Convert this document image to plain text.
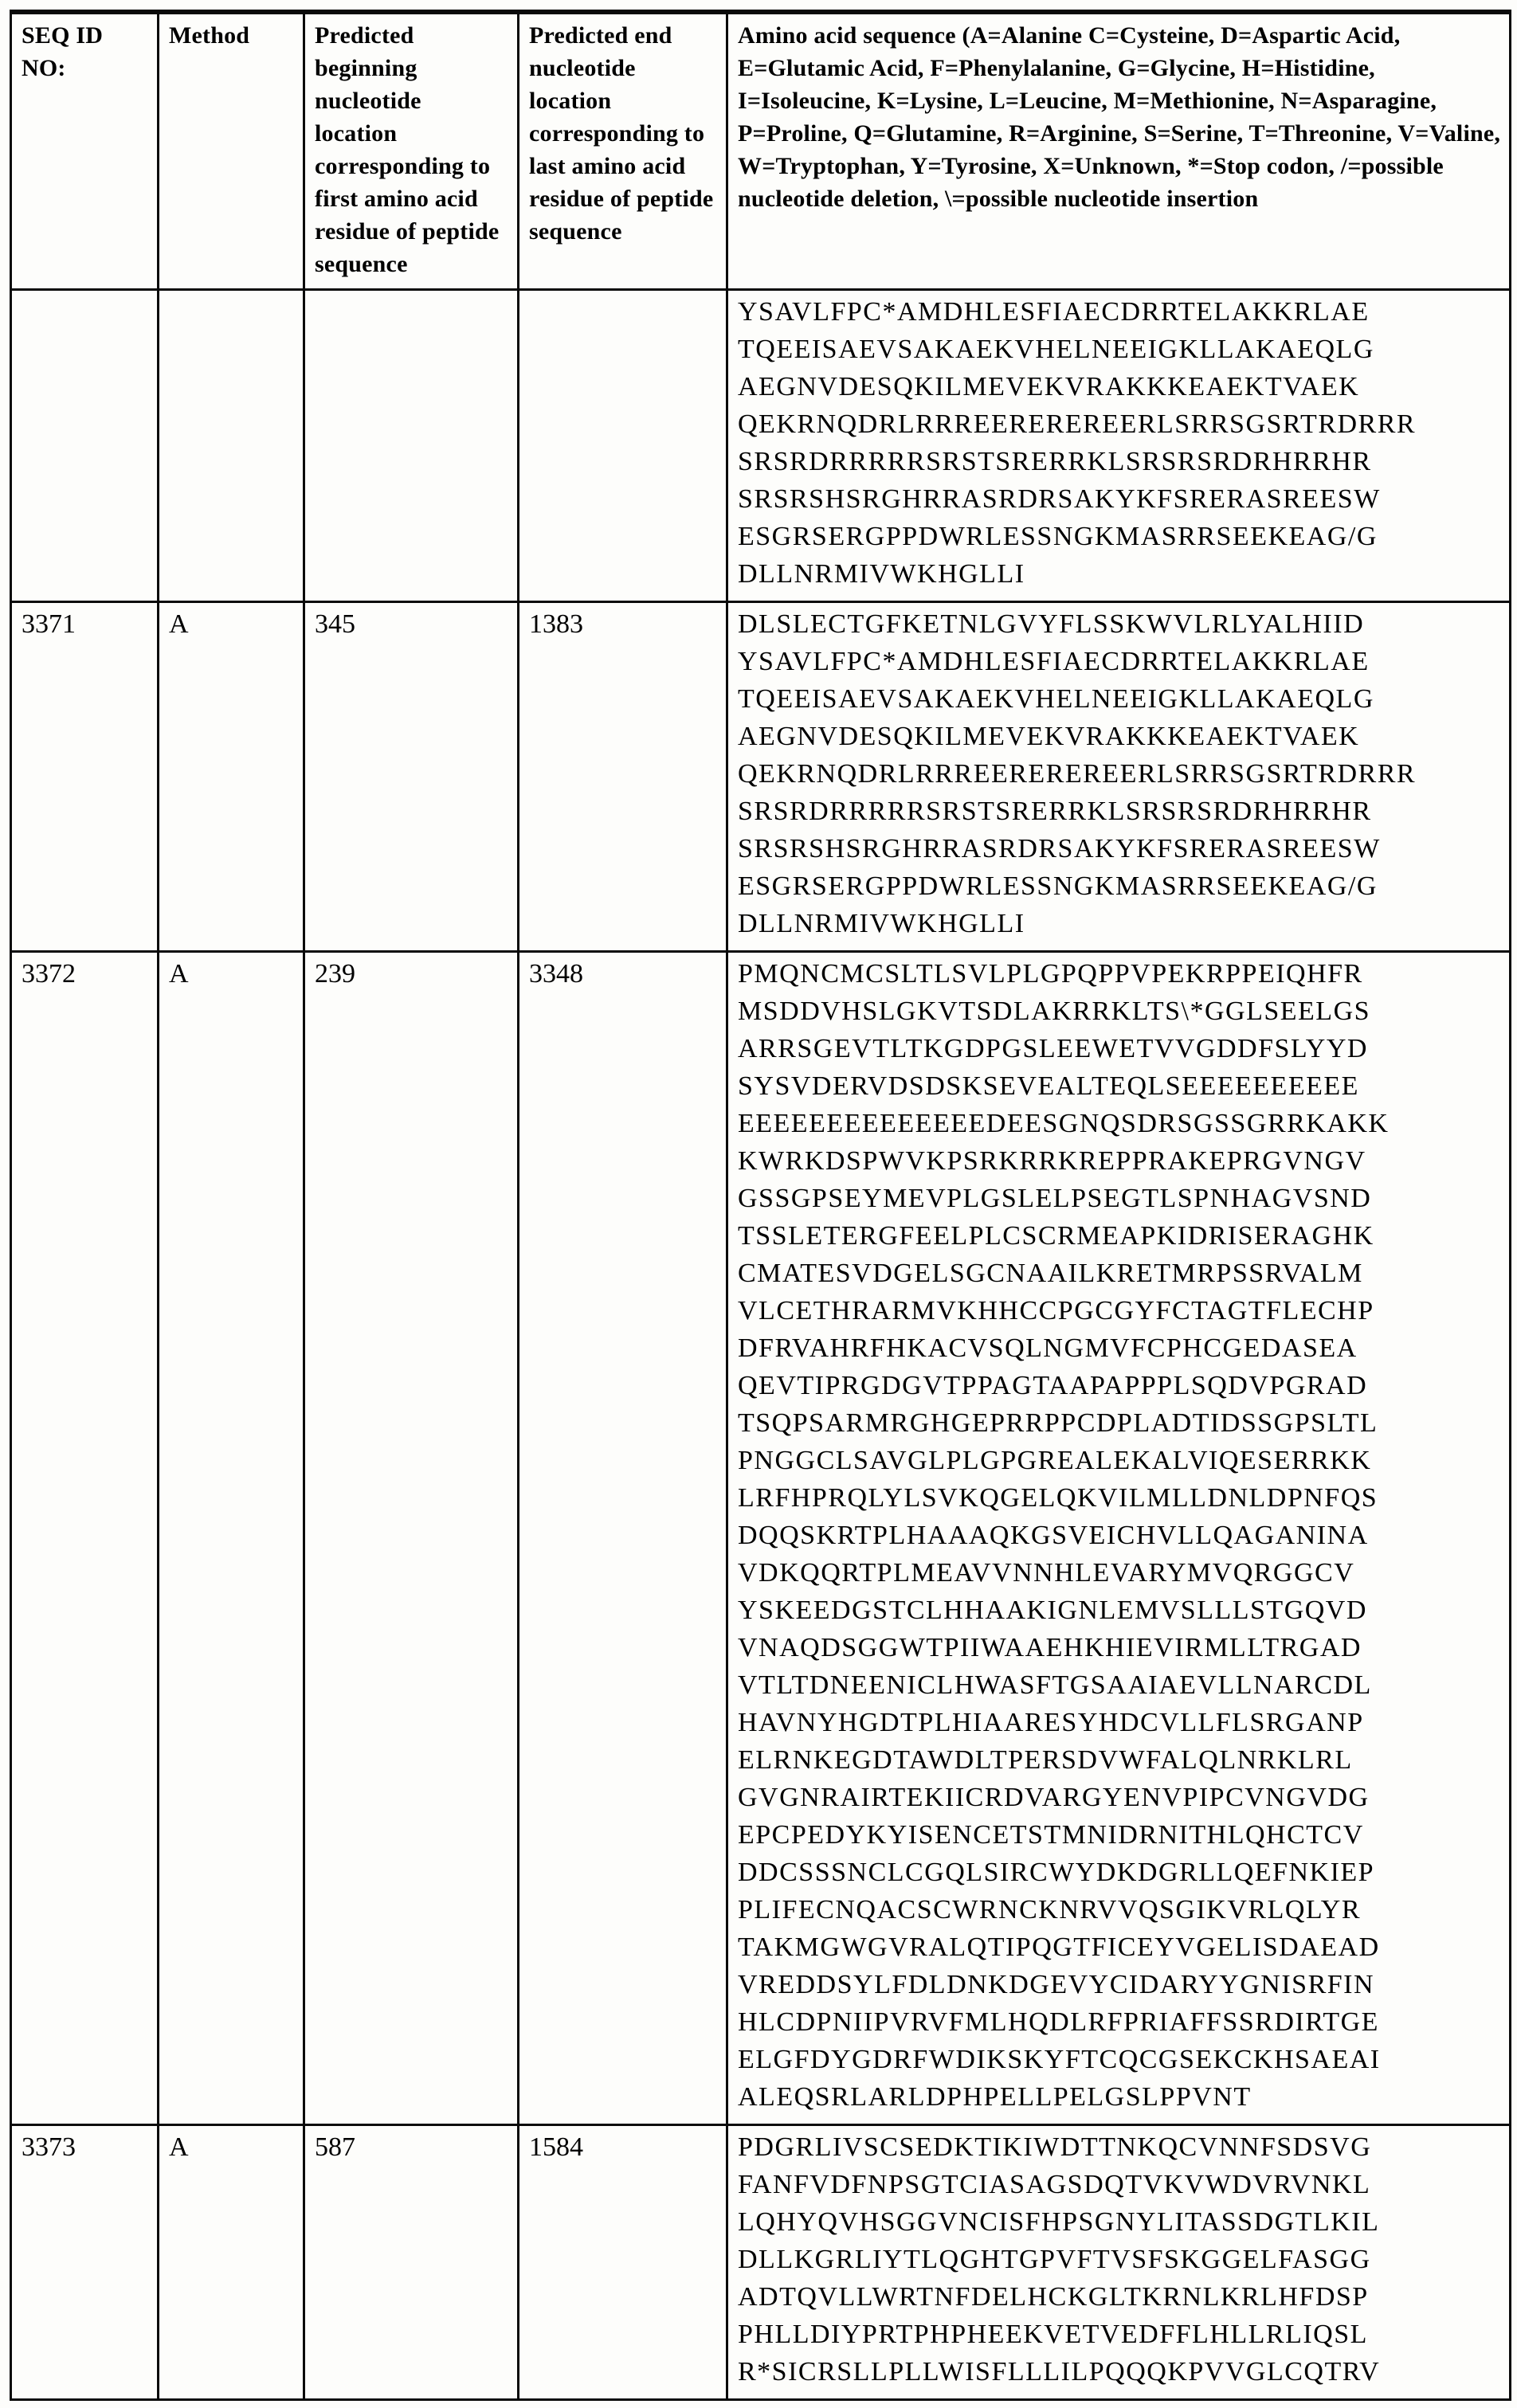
SEQ ID NO:	Method	Predicted beginning nucleotide location corresponding to first amino acid residue of peptide sequence	Predicted end nucleotide location corresponding to last amino acid residue of peptide sequence	Amino acid sequence (A=Alanine C=Cysteine, D=Aspartic Acid, E=Glutamic Acid, F=Phenylalanine, G=Glycine, H=Histidine, I=Isoleucine, K=Lysine, L=Leucine, M=Methionine, N=Asparagine, P=Proline, Q=Glutamine, R=Arginine, S=Serine, T=Threonine, V=Valine, W=Tryptophan, Y=Tyrosine, X=Unknown, *=Stop codon, /=possible nucleotide deletion, \=possible nucleotide insertion
				YSAVLFPC*AMDHLESFIAECDRRTELAKKRLAE
TQEEISAEVSAKAEKVHELNEEIGKLLAKAEQLG
AEGNVDESQKILMEVEKVRAKKKEAEKTVAEK
QEKRNQDRLRRREEREREREERLSRRSGSRTRDRRR
SRSRDRRRRRSRSTSRERRKLSRSRSRDRHRRHR
SRSRSHSRGHRRASRDRSAKYKFSRERASREESW
ESGRSERGPPDWRLESSNGKMASRRSEEKEAG/G
DLLNRMIVWKHGLLI
3371	A	345	1383	DLSLECTGFKETNLGVYFLSSKWVLRLYALHIID
YSAVLFPC*AMDHLESFIAECDRRTELAKKRLAE
TQEEISAEVSAKAEKVHELNEEIGKLLAKAEQLG
AEGNVDESQKILMEVEKVRAKKKEAEKTVAEK
QEKRNQDRLRRREEREREREERLSRRSGSRTRDRRR
SRSRDRRRRRSRSTSRERRKLSRSRSRDRHRRHR
SRSRSHSRGHRRASRDRSAKYKFSRERASREESW
ESGRSERGPPDWRLESSNGKMASRRSEEKEAG/G
DLLNRMIVWKHGLLI
3372	A	239	3348	PMQNCMCSLTLSVLPLGPQPPVPEKRPPEIQHFR
MSDDVHSLGKVTSDLAKRRKLTS\*GGLSEELGS
ARRSGEVTLTKGDPGSLEEWETVVGDDFSLYYD
SYSVDERVDSDSKSEVEALTEQLSEEEEEEEEEE
EEEEEEEEEEEEEEDEESGNQSDRSGSSGRRKAKK
KWRKDSPWVKPSRKRRKREPPRAKEPRGVNGV
GSSGPSEYMEVPLGSLELPSEGTLSPNHAGVSND
TSSLETERGFEELPLCSCRMEAPKIDRISERAGHK
CMATESVDGELSGCNAAILKRETMRPSSRVALM
VLCETHRARMVKHHCCPGCGYFCTAGTFLECHP
DFRVAHRFHKACVSQLNGMVFCPHCGEDASEA
QEVTIPRGDGVTPPAGTAAPAPPPLSQDVPGRAD
TSQPSARMRGHGEPRRPPCDPLADTIDSSGPSLTL
PNGGCLSAVGLPLGPGREALEKALVIQESERRKK
LRFHPRQLYLSVKQGELQKVILMLLDNLDPNFQS
DQQSKRTPLHAAAQKGSVEICHVLLQAGANINA
VDKQQRTPLMEAVVNNHLEVARYMVQRGGCV
YSKEEDGSTCLHHAAKIGNLEMVSLLLSTGQVD
VNAQDSGGWTPIIWAAEHKHIEVIRMLLTRGAD
VTLTDNEENICLHWASFTGSAAIAEVLLNARCDL
HAVNYHGDTPLHIAARESYHDCVLLFLSRGANP
ELRNKEGDTAWDLTPERSDVWFALQLNRKLRL
GVGNRAIRTEKIICRDVARGYENVPIPCVNGVDG
EPCPEDYKYISENCETSTMNIDRNITHLQHCTCV
DDCSSSNCLCGQLSIRCWYDKDGRLLQEFNKIEP
PLIFECNQACSCWRNCKNRVVQSGIKVRLQLYR
TAKMGWGVRALQTIPQGTFICEYVGELISDAEAD
VREDDSYLFDLDNKDGEVYCIDARYYGNISRFIN
HLCDPNIIPVRVFMLHQDLRFPRIAFFSSRDIRTGE
ELGFDYGDRFWDIKSKYFTCQCGSEKCKHSAEAI
ALEQSRLARLDPHPELLPELGSLPPVNT
3373	A	587	1584	PDGRLIVSCSEDKTIKIWDTTNKQCVNNFSDSVG
FANFVDFNPSGTCIASAGSDQTVKVWDVRVNKL
LQHYQVHSGGVNCISFHPSGNYLITASSDGTLKIL
DLLKGRLIYTLQGHTGPVFTVSFSKGGELFASGG
ADTQVLLWRTNFDELHCKGLTKRNLKRLHFDSP
PHLLDIYPRTPHPHEEKVETVEDFFLHLLRLIQSL
R*SICRSLLPLLWISFLLLILPQQQKPVVGLCQTRV
